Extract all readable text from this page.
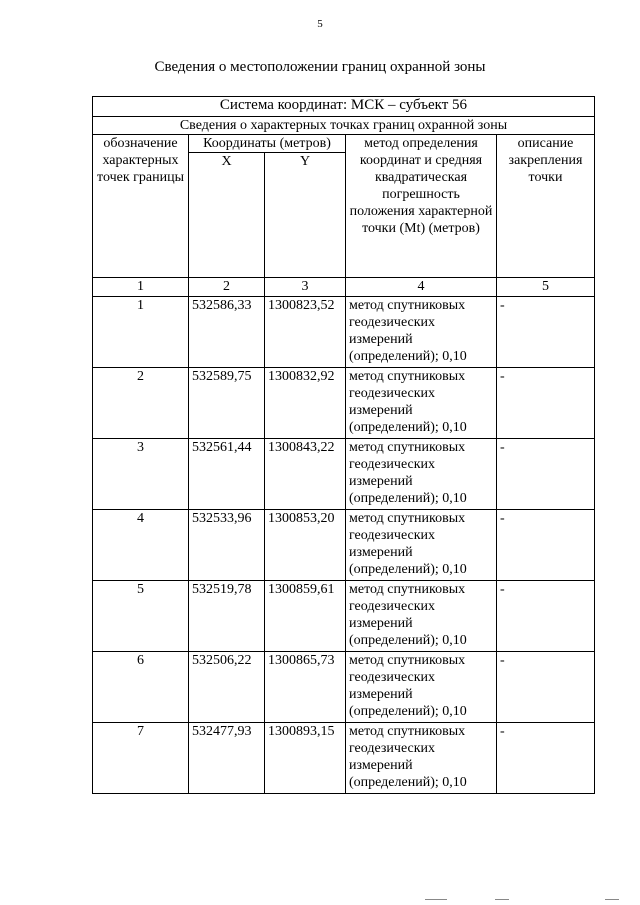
5
Сведения о местоположении границ охранной зоны
Система координат: МСК – субъект 56				
Сведения о характерных точках границ охранной зоны				
обозначение характерных точек границы	Координаты (метров)		метод определения координат и средняя квадратическая погрешность положения характерной точки (Mt) (метров)	описание закрепления точки
	X	Y		
1	2	3	4	5
1	532586,33	1300823,52	метод спутниковых геодезических измерений (определений); 0,10	-
2	532589,75	1300832,92	метод спутниковых геодезических измерений (определений); 0,10	-
3	532561,44	1300843,22	метод спутниковых геодезических измерений (определений); 0,10	-
4	532533,96	1300853,20	метод спутниковых геодезических измерений (определений); 0,10	-
5	532519,78	1300859,61	метод спутниковых геодезических измерений (определений); 0,10	-
6	532506,22	1300865,73	метод спутниковых геодезических измерений (определений); 0,10	-
7	532477,93	1300893,15	метод спутниковых геодезических измерений (определений); 0,10	-
